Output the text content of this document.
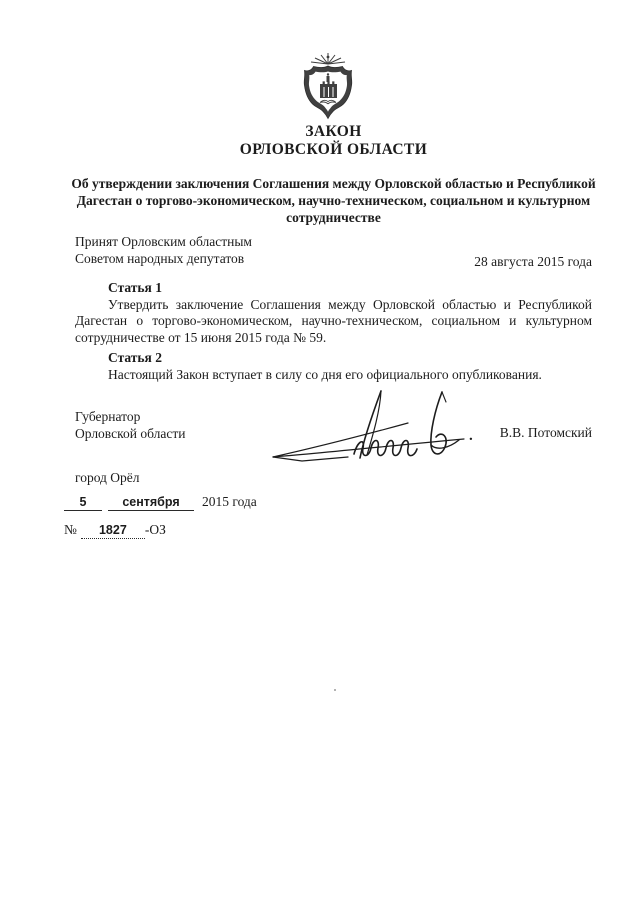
ЗАКОН
ОРЛОВСКОЙ ОБЛАСТИ
Об утверждении заключения Соглашения между Орловской областью и Республикой
Дагестан о торгово-экономическом, научно-техническом, социальном и культурном
сотрудничестве
Принят Орловским областным
Советом народных депутатов	28 августа 2015 года
Статья 1

Утвердить заключение Соглашения между Орловской областью и Республикой Дагестан о торгово-экономическом, научно-техническом, социальном и культурном сотрудничестве от 15 июня 2015 года № 59.

Статья 2

Настоящий Закон вступает в силу со дня его официального опубликования.

Губернатор
Орловской области	.	В.В. Потомский
город Орёл
5	сентября 2015 года
№ 1827 -ОЗ
